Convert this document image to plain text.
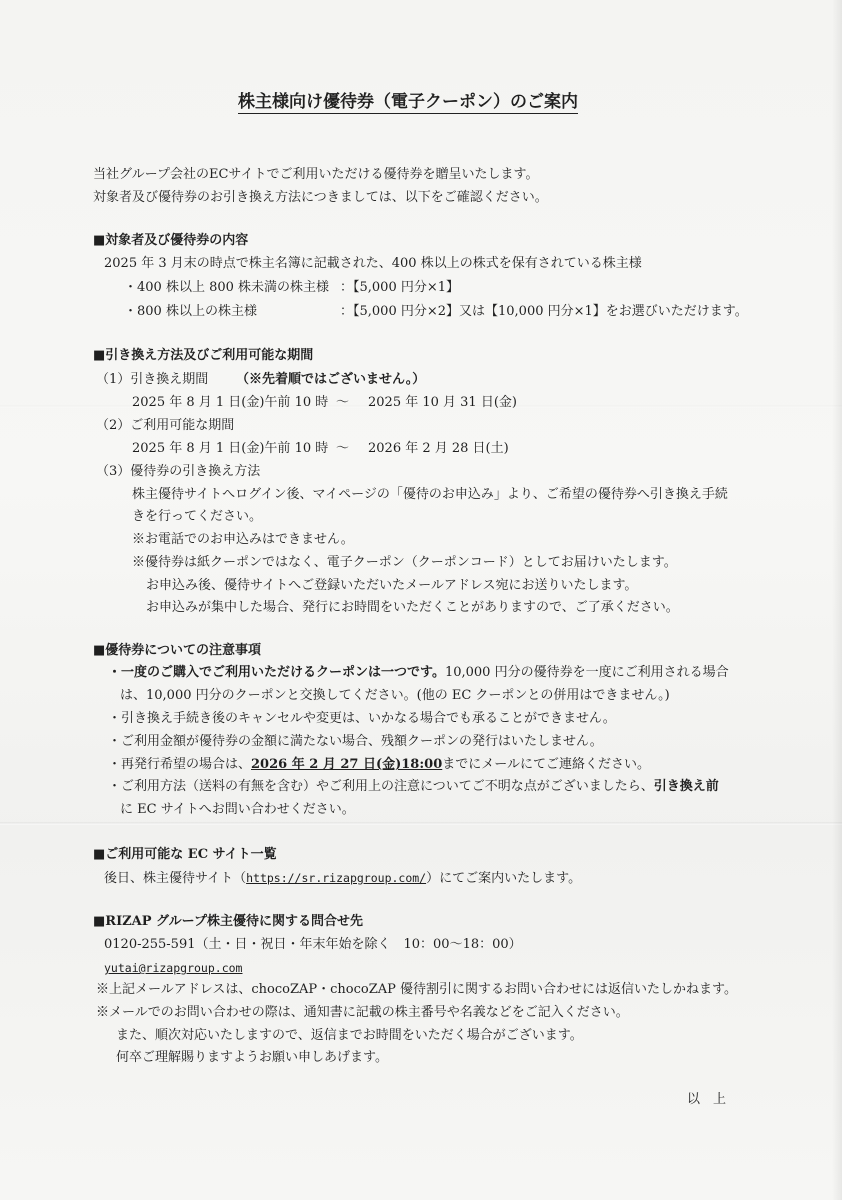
株主様向け優待券（電子クーポン）のご案内
当社グループ会社のECサイトでご利用いただける優待券を贈呈いたします。
対象者及び優待券のお引き換え方法につきましては、以下をご確認ください。
■対象者及び優待券の内容
2025 年 3 月末の時点で株主名簿に記載された、400 株以上の株式を保有されている株主様
・400 株以上 800 株未満の株主様 ：【5,000 円分×1】
・800 株以上の株主様	：【5,000 円分×2】又は【10,000 円分×1】をお選びいただけます。
■引き換え方法及びご利用可能な期間
（1）引き換え期間 （※先着順ではございません。）
2025 年 8 月 1 日(金)午前 10 時 ～ 2025 年 10 月 31 日(金)
（2）ご利用可能な期間
2025 年 8 月 1 日(金)午前 10 時 ～ 2026 年 2 月 28 日(土)
（3）優待券の引き換え方法
株主優待サイトへログイン後、マイページの「優待のお申込み」より、ご希望の優待券へ引き換え手続
きを行ってください。
※お電話でのお申込みはできません。
※優待券は紙クーポンではなく、電子クーポン（クーポンコード）としてお届けいたします。
お申込み後、優待サイトへご登録いただいたメールアドレス宛にお送りいたします。
お申込みが集中した場合、発行にお時間をいただくことがありますので、ご了承ください。
■優待券についての注意事項
・一度のご購入でご利用いただけるクーポンは一つです。10,000 円分の優待券を一度にご利用される場合
は、10,000 円分のクーポンと交換してください。(他の EC クーポンとの併用はできません。)
・引き換え手続き後のキャンセルや変更は、いかなる場合でも承ることができません。
・ご利用金額が優待券の金額に満たない場合、残額クーポンの発行はいたしません。
・再発行希望の場合は、2026 年 2 月 27 日(金)18:00までにメールにてご連絡ください。
・ご利用方法（送料の有無を含む）やご利用上の注意についてご不明な点がございましたら、引き換え前
に EC サイトへお問い合わせください。
■ご利用可能な EC サイト一覧
後日、株主優待サイト（https://sr.rizapgroup.com/）にてご案内いたします。
■RIZAP グループ株主優待に関する問合せ先
0120-255-591（土・日・祝日・年末年始を除く　10：00～18：00）
yutai@rizapgroup.com
※上記メールアドレスは、chocoZAP・chocoZAP 優待割引に関するお問い合わせには返信いたしかねます。
※メールでのお問い合わせの際は、通知書に記載の株主番号や名義などをご記入ください。
また、順次対応いたしますので、返信までお時間をいただく場合がございます。
何卒ご理解賜りますようお願い申しあげます。
以　上
